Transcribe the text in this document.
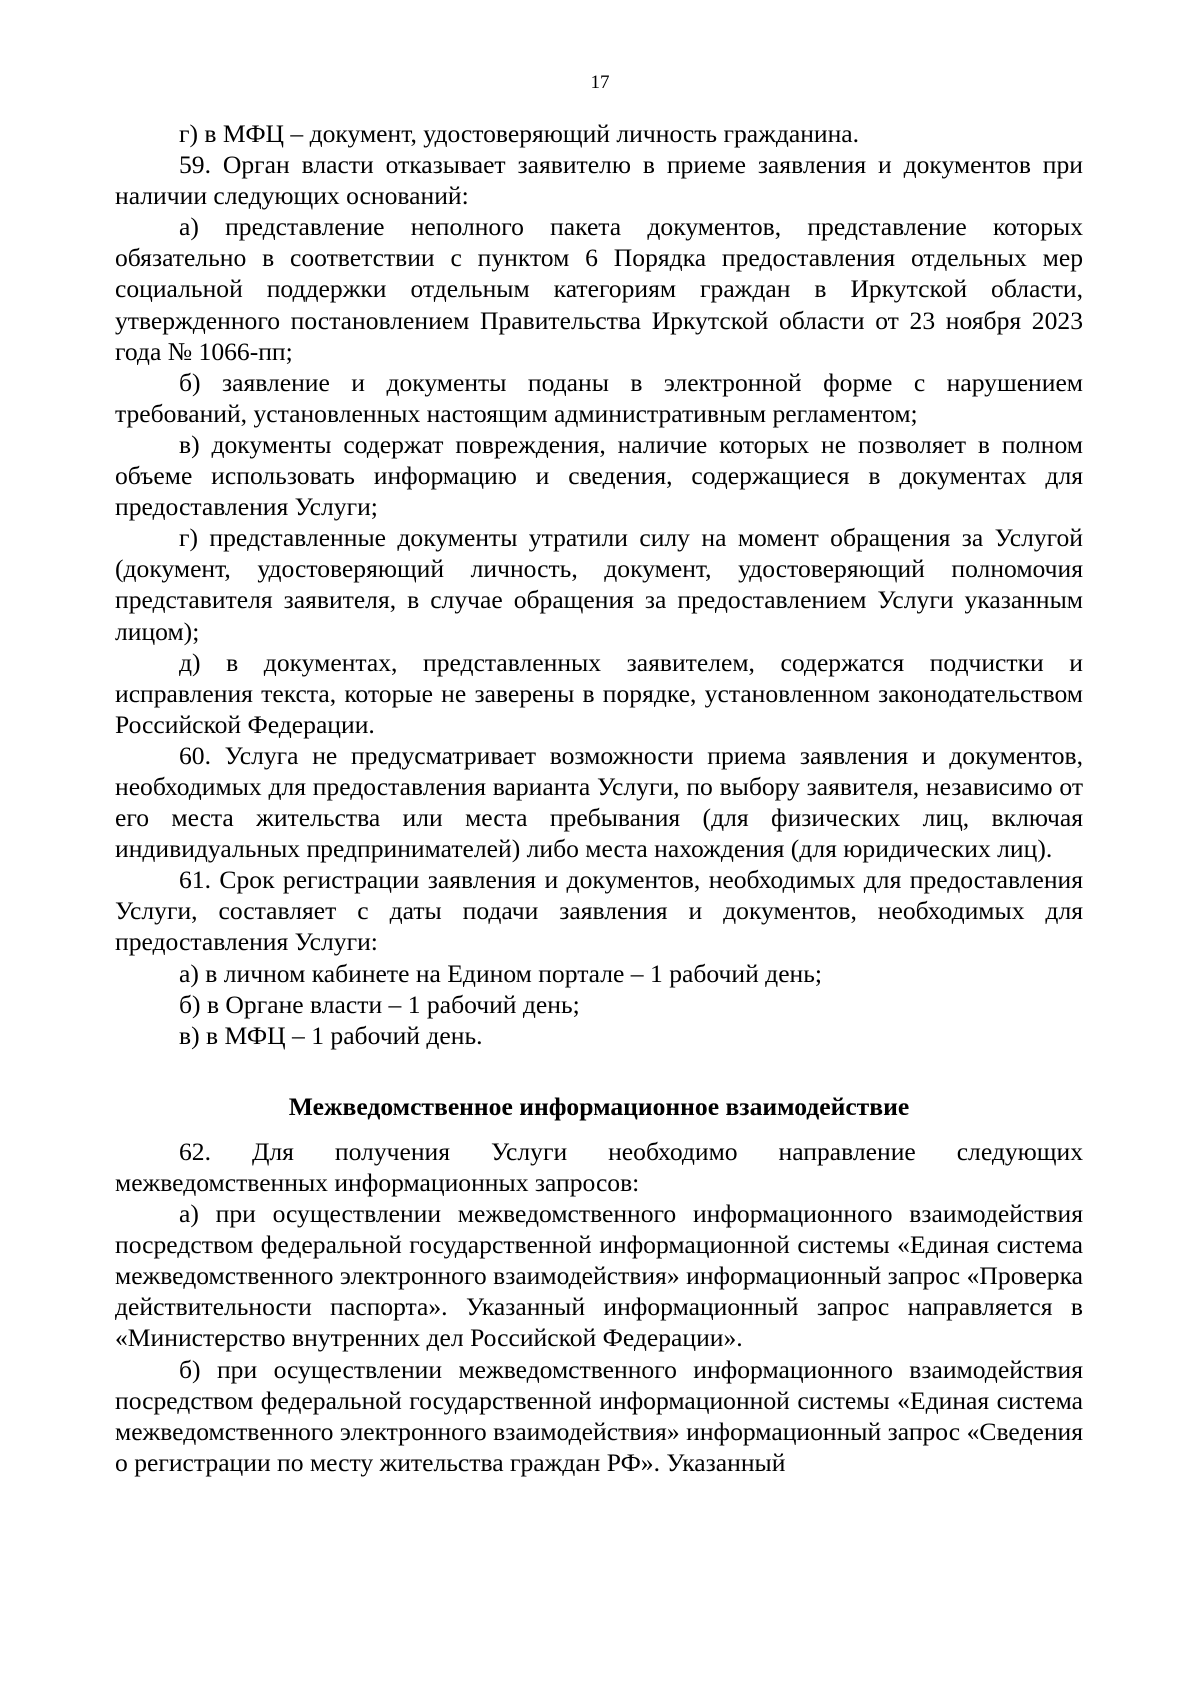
17

г) в МФЦ – документ, удостоверяющий личность гражданина.

59. Орган власти отказывает заявителю в приеме заявления и документов при наличии следующих оснований:

а) представление неполного пакета документов, представление которых обязательно в соответствии с пунктом 6 Порядка предоставления отдельных мер социальной поддержки отдельным категориям граждан в Иркутской области, утвержденного постановлением Правительства Иркутской области от 23 ноября 2023 года № 1066-пп;

б) заявление и документы поданы в электронной форме с нарушением требований, установленных настоящим административным регламентом;

в) документы содержат повреждения, наличие которых не позволяет в полном объеме использовать информацию и сведения, содержащиеся в документах для предоставления Услуги;

г) представленные документы утратили силу на момент обращения за Услугой (документ, удостоверяющий личность, документ, удостоверяющий полномочия представителя заявителя, в случае обращения за предоставлением Услуги указанным лицом);

д) в документах, представленных заявителем, содержатся подчистки и исправления текста, которые не заверены в порядке, установленном законодательством Российской Федерации.

60. Услуга не предусматривает возможности приема заявления и документов, необходимых для предоставления варианта Услуги, по выбору заявителя, независимо от его места жительства или места пребывания (для физических лиц, включая индивидуальных предпринимателей) либо места нахождения (для юридических лиц).

61. Срок регистрации заявления и документов, необходимых для предоставления Услуги, составляет с даты подачи заявления и документов, необходимых для предоставления Услуги:

а) в личном кабинете на Едином портале – 1 рабочий день;

б) в Органе власти – 1 рабочий день;

в) в МФЦ – 1 рабочий день.

Межведомственное информационное взаимодействие

62. Для получения Услуги необходимо направление следующих межведомственных информационных запросов:

а) при осуществлении межведомственного информационного взаимодействия посредством федеральной государственной информационной системы «Единая система межведомственного электронного взаимодействия» информационный запрос «Проверка действительности паспорта». Указанный информационный запрос направляется в «Министерство внутренних дел Российской Федерации».

б) при осуществлении межведомственного информационного взаимодействия посредством федеральной государственной информационной системы «Единая система межведомственного электронного взаимодействия» информационный запрос «Сведения о регистрации по месту жительства граждан РФ». Указанный
